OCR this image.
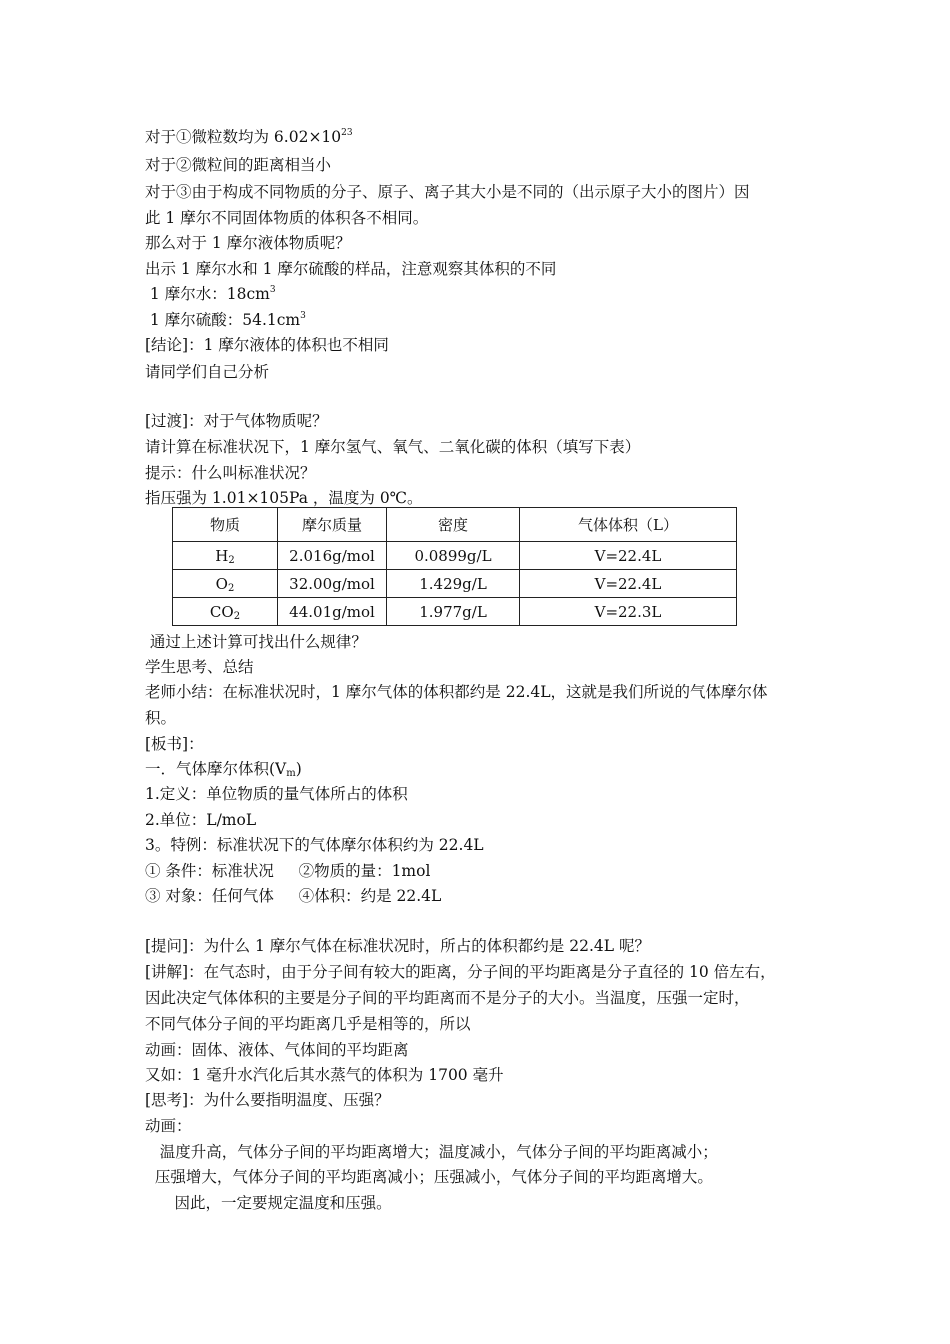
对于①微粒数均为 $6.02\times 10^{23}$
对于②微粒间的距离相当小
对于③由于构成不同物质的分子、原子、离子其大小是不同的（出示原子大小的图片）因
此 1 摩尔不同固体物质的体积各不相同。
那么对于 1 摩尔液体物质呢？
出示 1 摩尔水和 1 摩尔硫酸的样品，注意观察其体积的不同
1 摩尔水：$18cm^3$
1 摩尔硫酸：$54.1cm^3$
[结论]：1 摩尔液体的体积也不相同
请同学们自己分析
[过渡]：对于气体物质呢？
请计算在标准状况下，1 摩尔氢气、氧气、二氧化碳的体积（填写下表）
提示：什么叫标准状况？
指压强为 1.01×105Pa ，温度为 0℃。
物质	摩尔质量	密度	气体体积（L）
$H_2$	2.016g/mol	0.0899g/L	V=22.4L
$O_2$	32.00g/mol	1.429g/L	V=22.4L
$CO_2$	44.01g/mol	1.977g/L	V=22.3L
通过上述计算可找出什么规律？
学生思考、总结
老师小结：在标准状况时，1 摩尔气体的体积都约是 22.4L，这就是我们所说的气体摩尔体
积。
[板书]：
一．气体摩尔体积$(V_m)$
1.定义：单位物质的量气体所占的体积
2.单位：L/moL
3。特例：标准状况下的气体摩尔体积约为 22.4L
① 条件：标准状况     ②物质的量：1mol
③ 对象：任何气体     ④体积：约是 22.4L
[提问]：为什么 1 摩尔气体在标准状况时，所占的体积都约是 22.4L 呢？
[讲解]：在气态时，由于分子间有较大的距离，分子间的平均距离是分子直径的 10 倍左右，
因此决定气体体积的主要是分子间的平均距离而不是分子的大小。当温度，压强一定时，
不同气体分子间的平均距离几乎是相等的，所以
动画：固体、液体、气体间的平均距离
又如：1 毫升水汽化后其水蒸气的体积为 1700 毫升
[思考]：为什么要指明温度、压强？
动画：
温度升高，气体分子间的平均距离增大；温度减小，气体分子间的平均距离减小；
压强增大，气体分子间的平均距离减小；压强减小，气体分子间的平均距离增大。
因此，一定要规定温度和压强。
